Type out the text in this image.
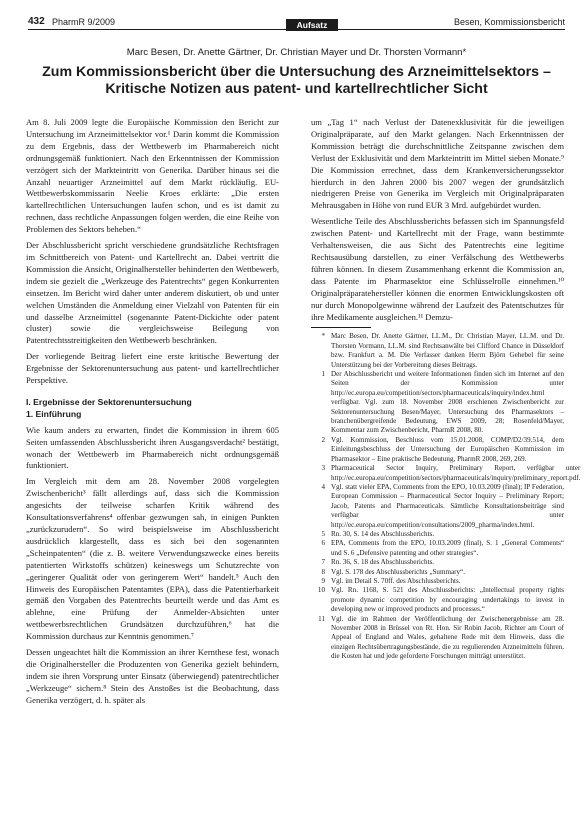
432 PharmR 9/2009	Aufsatz	Besen, Kommissionsbericht
Marc Besen, Dr. Anette Gärtner, Dr. Christian Mayer und Dr. Thorsten Vormann*
Zum Kommissionsbericht über die Untersuchung des Arzneimittelsektors – Kritische Notizen aus patent- und kartellrechtlicher Sicht

Am 8. Juli 2009 legte die Europäische Kommission den Bericht zur Untersuchung im Arzneimittelsektor vor.¹ Darin kommt die Kommission zu dem Ergebnis, dass der Wettbewerb im Pharmabereich nicht ordnungsgemäß funktioniert. Nach den Erkenntnissen der Kommission verzögert sich der Markteintritt von Generika. Darüber hinaus sei die Anzahl neuartiger Arzneimittel auf dem Markt rückläufig. EU-Wettbewerbskommissarin Neelie Kroes erklärte: „Die ersten kartellrechtlichen Untersuchungen laufen schon, und es ist damit zu rechnen, dass rechtliche Anpassungen folgen werden, die eine Reihe von Problemen des Sektors beheben.“

Der Abschlussbericht spricht verschiedene grundsätzliche Rechtsfragen im Schnittbereich von Patent- und Kartellrecht an. Dabei vertritt die Kommission die Ansicht, Originalhersteller behinderten den Wettbewerb, indem sie gezielt die „Werkzeuge des Patentrechts“ gegen Konkurrenten einsetzen. Im Bericht wird daher unter anderem diskutiert, ob und unter welchen Umständen die Anmeldung einer Vielzahl von Patenten für ein und dasselbe Arzneimittel (sogenannte Patent-Dickichte oder patent cluster) sowie die vergleichsweise Beilegung von Patentrechtsstreitigkeiten den Wettbewerb beschränken.

Der vorliegende Beitrag liefert eine erste kritische Bewertung der Ergebnisse der Sektorenuntersuchung aus patent- und kartellrechtlicher Perspektive.

I. Ergebnisse der Sektorenuntersuchung
1. Einführung

Wie kaum anders zu erwarten, findet die Kommission in ihrem 605 Seiten umfassenden Abschlussbericht ihren Ausgangsverdacht² bestätigt, wonach der Wettbewerb im Pharmabereich nicht ordnungsgemäß funktioniert.

Im Vergleich mit dem am 28. November 2008 vorgelegten Zwischenbericht³ fällt allerdings auf, dass sich die Kommission angesichts der teilweise scharfen Kritik während des Konsultationsverfahrens⁴ offenbar gezwungen sah, in einigen Punkten „zurückzurudern“. So wird beispielsweise im Abschlussbericht ausdrücklich klargestellt, dass es sich bei den sogenannten „Scheinpatenten“ (die z. B. weitere Verwendungszwecke eines bereits patentierten Wirkstoffs schützen) keineswegs um Schutzrechte von „geringerer Qualität oder von geringerem Wert“ handelt.⁵ Auch den Hinweis des Europäischen Patentamtes (EPA), dass die Patentierbarkeit gemäß den Vorgaben des Patentrechts beurteilt werde und das Amt es ablehne, eine Prüfung der Anmelder-Absichten unter wettbewerbsrechtlichen Grundsätzen durchzuführen,⁶ hat die Kommission durchaus zur Kenntnis genommen.⁷

Dessen ungeachtet hält die Kommission an ihrer Kernthese fest, wonach die Originalhersteller die Produzenten von Generika gezielt behindern, indem sie ihren Vorsprung unter Einsatz (überwiegend) patentrechtlicher „Werkzeuge“ sichern.⁸ Stein des Anstoßes ist die Beobachtung, dass Generika verzögert, d. h. später als

um „Tag 1“ nach Verlust der Datenexklusivität für die jeweiligen Originalpräparate, auf den Markt gelangen. Nach Erkenntnissen der Kommission beträgt die durchschnittliche Zeitspanne zwischen dem Verlust der Exklusivität und dem Markteintritt im Mittel sieben Monate.⁹ Die Kommission errechnet, dass dem Krankenversicherungssektor hierdurch in den Jahren 2000 bis 2007 wegen der grundsätzlich niedrigeren Preise von Generika im Vergleich mit Originalpräparaten Mehrausgaben in Höhe von rund EUR 3 Mrd. aufgebürdet wurden.

Wesentliche Teile des Abschlussberichts befassen sich im Spannungsfeld zwischen Patent- und Kartellrecht mit der Frage, wann bestimmte Verhaltensweisen, die aus Sicht des Patentrechts eine legitime Rechtsausübung darstellen, zu einer Verfälschung des Wettbewerbs führen können. In diesem Zusammenhang erkennt die Kommission an, dass Patente im Pharmasektor eine Schlüsselrolle einnehmen.¹⁰ Originalpräparatehersteller können die enormen Entwicklungskosten oft nur durch Monopolgewinne während der Laufzeit des Patentschutzes für ihre Medikamente ausgleichen.¹¹ Demzu-

* Marc Besen, Dr. Anette Gärtner, LL.M., Dr. Christian Mayer, LL.M. und Dr. Thorsten Vormann, LL.M. sind Rechtsanwälte bei Clifford Chance in Düsseldorf bzw. Frankfurt a. M. Die Verfasser danken Herrn Björn Gehebel für seine Unterstützung bei der Vorbereitung dieses Beitrags.
1 Der Abschlussbericht und weitere Informationen finden sich im Internet auf den Seiten der Kommission unter http://ec.europa.eu/competition/sectors/pharmaceuticals/inquiry/index.html verfügbar. Vgl. zum 18. November 2008 erschienen Zwischenbericht zur Sektorenuntersuchung Besen/Mayer, Untersuchung des Pharmasektors – branchenübergreifende Bedeutung, EWS 2009, 28; Rosenfeld/Mayer, Kommentar zum Zwischenbericht, PharmR 2008, 80.
2 Vgl. Kommission, Beschluss vom 15.01.2008, COMP/D2/39.514, dem Einleitungsbeschluss der Untersuchung der Europäischen Kommission im Pharmasektor – Eine praktische Bedeutung, PharmR 2008, 269, 269.
3 Pharmaceutical Sector Inquiry, Preliminary Report, verfügbar unter http://ec.europa.eu/competition/sectors/pharmaceuticals/inquiry/preliminary_report.pdf.
4 Vgl. statt vieler EPA, Comments from the EPO, 10.03.2009 (final); IP Federation, European Commission – Pharmaceutical Sector Inquiry – Preliminary Report; Jacob, Patents and Pharmaceuticals. Sämtliche Konsultationsbeiträge sind verfügbar unter http://ec.europa.eu/competition/consultations/2009_pharma/index.html.
5 Rn. 30, S. 14 des Abschlussberichts.
6 EPA, Comments from the EPO, 10.03.2009 (final), S. 1 „General Comments“ und S. 6 „Defensive patenting and other strategies“.
7 Rn. 36, S. 18 des Abschlussberichts.
8 Vgl. S. 178 des Abschlussberichts „Summary“.
9 Vgl. im Detail S. 70ff. des Abschlussberichts.
10 Vgl. Rn. 1168, S. 521 des Abschlussberichts: „Intellectual property rights promote dynamic competition by encouraging undertakings to invest in developing new or improved products and processes.“
11 Vgl. die im Rahmen der Veröffentlichung der Zwischenergebnisse am 28. November 2008 in Brüssel von Rt. Hon. Sir Robin Jacob, Richter am Court of Appeal of England and Wales, gehaltene Rede mit dem Hinweis, dass die einzigen Rechtsübertragungsbestände, die zu regulierenden Arzneimitteln führen, die Kosten hat und jede geforderte Forschungen mitträgt unterstützt.
